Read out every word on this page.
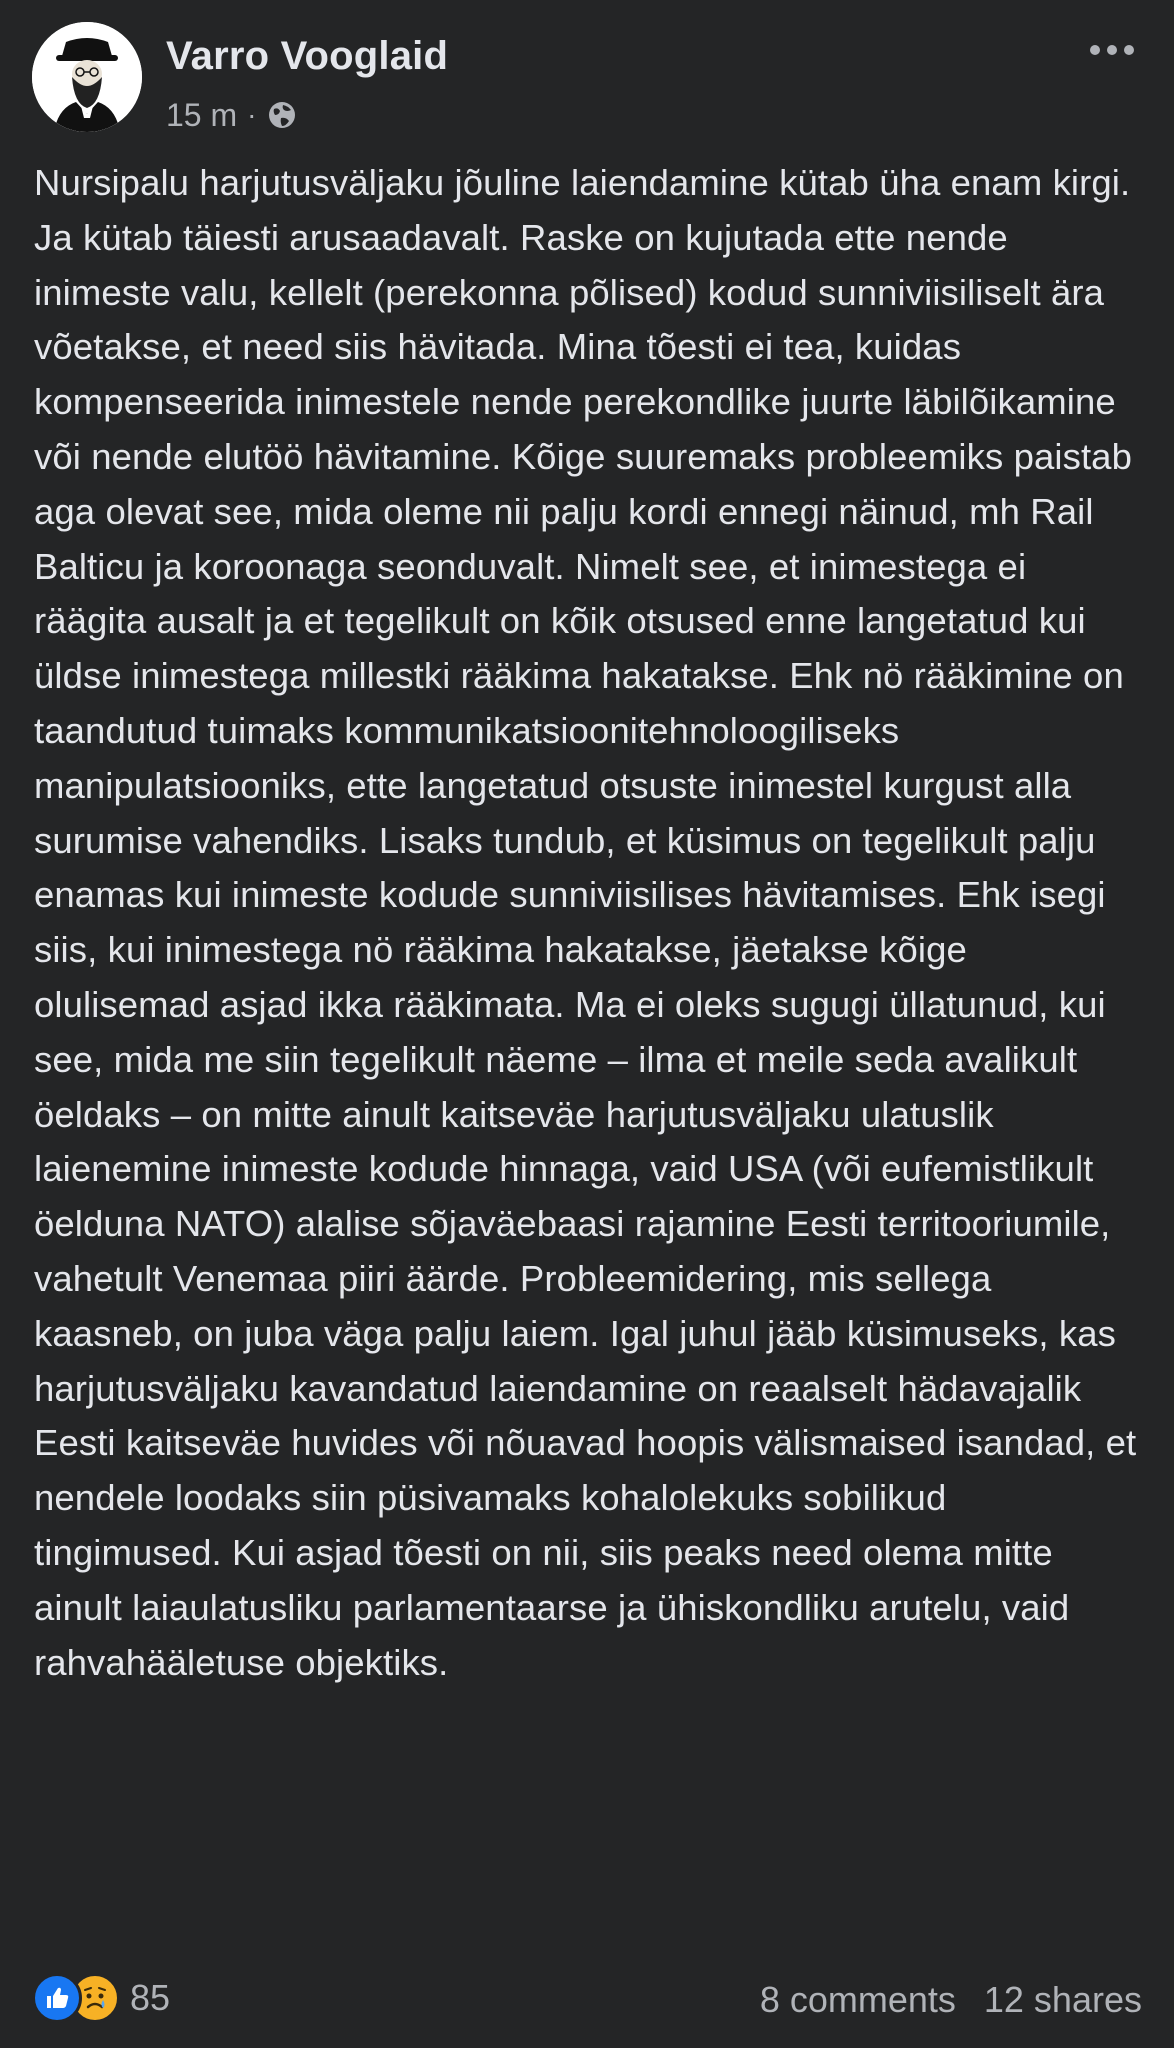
Varro Vooglaid
15 m ·
Nursipalu harjutusväljaku jõuline laiendamine kütab üha enam kirgi. Ja kütab täiesti arusaadavalt. Raske on kujutada ette nende inimeste valu, kellelt (perekonna põlised) kodud sunniviisiliselt ära võetakse, et need siis hävitada. Mina tõesti ei tea, kuidas kompenseerida inimestele nende perekondlike juurte läbilõikamine või nende elutöö hävitamine. Kõige suuremaks probleemiks paistab aga olevat see, mida oleme nii palju kordi ennegi näinud, mh Rail Balticu ja koroonaga seonduvalt. Nimelt see, et inimestega ei räägita ausalt ja et tegelikult on kõik otsused enne langetatud kui üldse inimestega millestki rääkima hakatakse. Ehk nö rääkimine on taandutud tuimaks kommunikatsioonitehnoloogiliseks manipulatsiooniks, ette langetatud otsuste inimestel kurgust alla surumise vahendiks. Lisaks tundub, et küsimus on tegelikult palju enamas kui inimeste kodude sunniviisilises hävitamises. Ehk isegi siis, kui inimestega nö rääkima hakatakse, jäetakse kõige olulisemad asjad ikka rääkimata. Ma ei oleks sugugi üllatunud, kui see, mida me siin tegelikult näeme – ilma et meile seda avalikult öeldaks – on mitte ainult kaitseväe harjutusväljaku ulatuslik laienemine inimeste kodude hinnaga, vaid USA (või eufemistlikult öelduna NATO) alalise sõjaväebaasi rajamine Eesti territooriumile, vahetult Venemaa piiri äärde. Probleemidering, mis sellega kaasneb, on juba väga palju laiem. Igal juhul jääb küsimuseks, kas harjutusväljaku kavandatud laiendamine on reaalselt hädavajalik Eesti kaitseväe huvides või nõuavad hoopis välismaised isandad, et nendele loodaks siin püsivamaks kohalolekuks sobilikud tingimused. Kui asjad tõesti on nii, siis peaks need olema mitte ainult laiaulatusliku parlamentaarse ja ühiskondliku arutelu, vaid rahvahääletuse objektiks.
85	8 comments 12 shares
